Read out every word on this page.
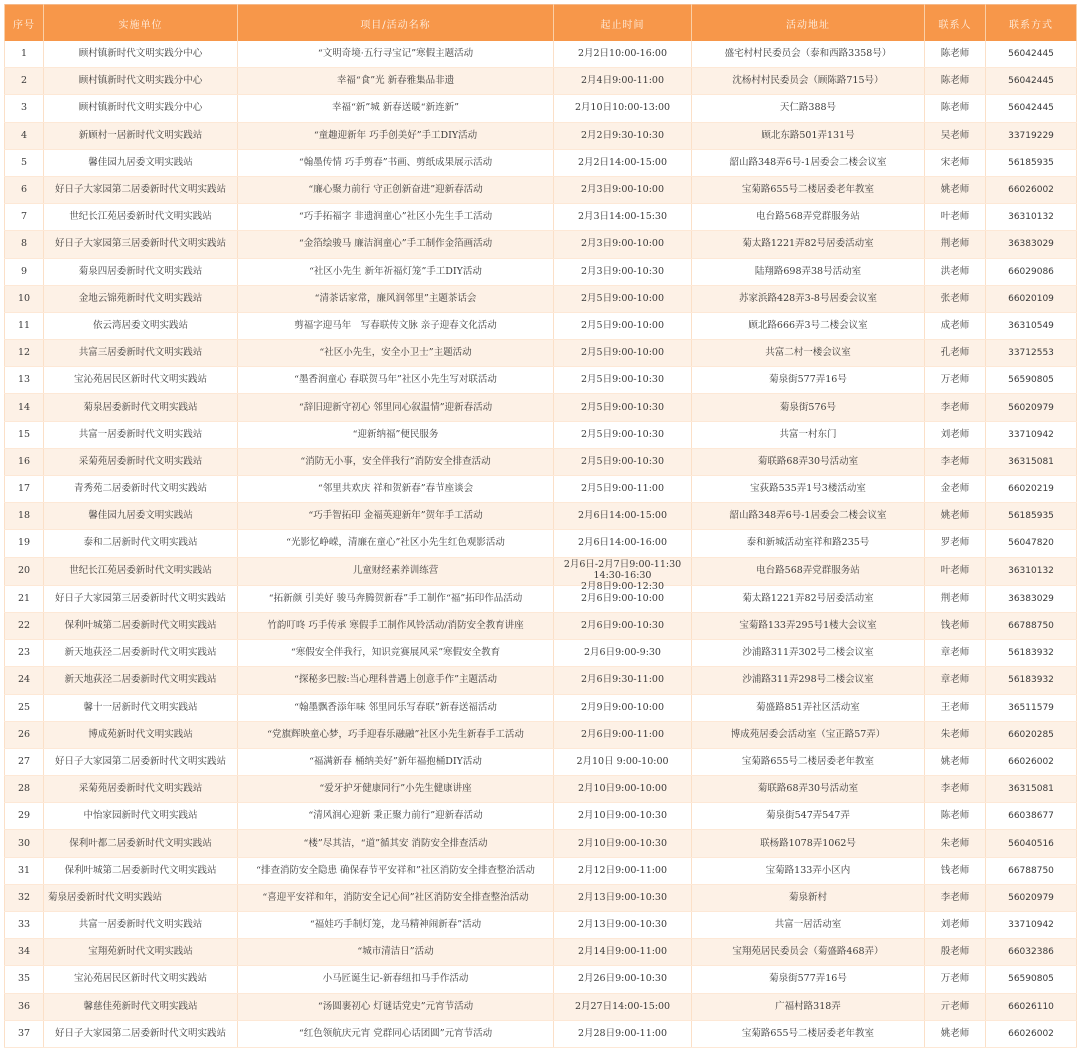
序号	实施单位	项目/活动名称	起止时间	活动地址	联系人	联系方式
1	顾村镇新时代文明实践分中心	“文明奇境·五行寻宝记”寒假主题活动	2月2日10:00-16:00	盛宅村村民委员会（泰和西路3358号）	陈老师	56042445
2	顾村镇新时代文明实践分中心	幸福“食”光 新春雅集品非遗	2月4日9:00-11:00	沈杨村村民委员会（顾陈路715号）	陈老师	56042445
3	顾村镇新时代文明实践分中心	幸福“新”城 新春送暖“新连新”	2月10日10:00-13:00	天仁路388号	陈老师	56042445
4	新顾村一居新时代文明实践站	“童趣迎新年 巧手创美好”手工DIY活动	2月2日9:30-10:30	顾北东路501弄131号	吴老师	33719229
5	馨佳园九居委文明实践站	“翰墨传情 巧手剪春”书画、剪纸成果展示活动	2月2日14:00-15:00	韶山路348弄6号-1居委会二楼会议室	宋老师	56185935
6	好日子大家园第二居委新时代文明实践站	“廉心聚力前行 守正创新奋进”迎新春活动	2月3日9:00-10:00	宝菊路655号二楼居委老年教室	姚老师	66026002
7	世纪长江苑居委新时代文明实践站	“巧手拓福字 非遗润童心”社区小先生手工活动	2月3日14:00-15:30	电台路568弄党群服务站	叶老师	36310132
8	好日子大家园第三居委新时代文明实践站	“金箔绘骏马 廉洁润童心”手工制作金箔画活动	2月3日9:00-10:00	菊太路1221弄82号居委活动室	荆老师	36383029
9	菊泉四居委新时代文明实践站	“社区小先生 新年祈福灯笼”手工DIY活动	2月3日9:00-10:30	陆翔路698弄38号活动室	洪老师	66029086
10	金地云锦苑新时代文明实践站	“清茶话家常，廉风润邻里”主题茶话会	2月5日9:00-10:00	苏家浜路428弄3-8号居委会议室	张老师	66020109
11	依云湾居委文明实践站	剪福字迎马年　写春联传文脉 亲子迎春文化活动	2月5日9:00-10:00	顾北路666弄3号二楼会议室	成老师	36310549
12	共富三居委新时代文明实践站	“社区小先生，安全小卫士”主题活动	2月5日9:00-10:00	共富二村一楼会议室	孔老师	33712553
13	宝沁苑居民区新时代文明实践站	“墨香润童心 春联贺马年”社区小先生写对联活动	2月5日9:00-10:30	菊泉街577弄16号	万老师	56590805
14	菊泉居委新时代文明实践站	“辞旧迎新守初心 邻里同心叙温情”迎新春活动	2月5日9:00-10:30	菊泉街576号	李老师	56020979
15	共富一居委新时代文明实践站	“迎新纳福”便民服务	2月5日9:00-10:30	共富一村东门	刘老师	33710942
16	采菊苑居委新时代文明实践站	“消防无小事，安全伴我行”消防安全排查活动	2月5日9:00-10:30	菊联路68弄30号活动室	李老师	36315081
17	青秀苑二居委新时代文明实践站	“邻里共欢庆 祥和贺新春”春节座谈会	2月5日9:00-11:00	宝荻路535弄1号3楼活动室	金老师	66020219
18	馨佳园九居委文明实践站	“巧手智拓印 金福英迎新年”贺年手工活动	2月6日14:00-15:00	韶山路348弄6号-1居委会二楼会议室	姚老师	56185935
19	泰和二居新时代文明实践站	“光影忆峥嵘，清廉在童心”社区小先生红色观影活动	2月6日14:00-16:00	泰和新城活动室祥和路235号	罗老师	56047820
20	世纪长江苑居委新时代文明实践站	儿童财经素养训练营	2月6日-2月7日9:00-11:30
14:30-16:30
2月8日9:00-12:30	电台路568弄党群服务站	叶老师	36310132
21	好日子大家园第三居委新时代文明实践站	“拓新颜 引美好 骏马奔腾贺新春”手工制作“福”拓印作品活动	2月6日9:00-10:00	菊太路1221弄82号居委活动室	荆老师	36383029
22	保利叶城第二居委新时代文明实践站	竹韵叮咚 巧手传承 寒假手工制作风铃活动/消防安全教育讲座	2月6日9:00-10:30	宝菊路133弄295号1楼大会议室	钱老师	66788750
23	新天地荻泾二居委新时代文明实践站	“寒假安全伴我行，知识竞赛展风采”寒假安全教育	2月6日9:00-9:30	沙浦路311弄302号二楼会议室	章老师	56183932
24	新天地荻泾二居委新时代文明实践站	“探秘多巴胺:当心理科普遇上创意手作”主题活动	2月6日9:30-11:00	沙浦路311弄298号二楼会议室	章老师	56183932
25	馨十一居新时代文明实践站	“翰墨飘香添年味 邻里同乐写春联”新春送福活动	2月9日9:00-10:00	菊盛路851弄社区活动室	王老师	36511579
26	博成苑新时代文明实践站	“党旗辉映童心梦，巧手迎春乐融融”社区小先生新春手工活动	2月6日9:00-11:00	博成苑居委会活动室（宝正路57弄）	朱老师	66020285
27	好日子大家园第二居委新时代文明实践站	“福满新春 桶纳美好”新年福抱桶DIY活动	2月10日 9:00-10:00	宝菊路655号二楼居委老年教室	姚老师	66026002
28	采菊苑居委新时代文明实践站	“爱牙护牙健康同行”小先生健康讲座	2月10日9:00-10:00	菊联路68弄30号活动室	李老师	36315081
29	中怡家园新时代文明实践站	“清风润心迎新 秉正聚力前行”迎新春活动	2月10日9:00-10:30	菊泉街547弄547弄	陈老师	66038677
30	保利叶都二居委新时代文明实践站	“楼”尽其洁，“道”循其安 消防安全排查活动	2月10日9:00-10:30	联杨路1078弄1062号	朱老师	56040516
31	保利叶城第二居委新时代文明实践站	“排查消防安全隐患 确保春节平安祥和”社区消防安全排查整治活动	2月12日9:00-11:00	宝菊路133弄小区内	钱老师	66788750
32	菊泉居委新时代文明实践站	“喜迎平安祥和年，消防安全记心间”社区消防安全排查整治活动	2月13日9:00-10:30	菊泉新村	李老师	56020979
33	共富一居委新时代文明实践站	“福娃巧手制灯笼，龙马精神闹新春”活动	2月13日9:00-10:30	共富一居活动室	刘老师	33710942
34	宝翔苑新时代文明实践站	“城市清洁日”活动	2月14日9:00-11:00	宝翔苑居民委员会（菊盛路468弄）	殷老师	66032386
35	宝沁苑居民区新时代文明实践站	小马匠诞生记-新春纽扣马手作活动	2月26日9:00-10:30	菊泉街577弄16号	万老师	56590805
36	馨慈佳苑新时代文明实践站	“汤圆裹初心 灯谜话党史”元宵节活动	2月27日14:00-15:00	广福村路318弄	亓老师	66026110
37	好日子大家园第二居委新时代文明实践站	“红色领航庆元宵 党群同心话团圆”元宵节活动	2月28日9:00-11:00	宝菊路655号二楼居委老年教室	姚老师	66026002
